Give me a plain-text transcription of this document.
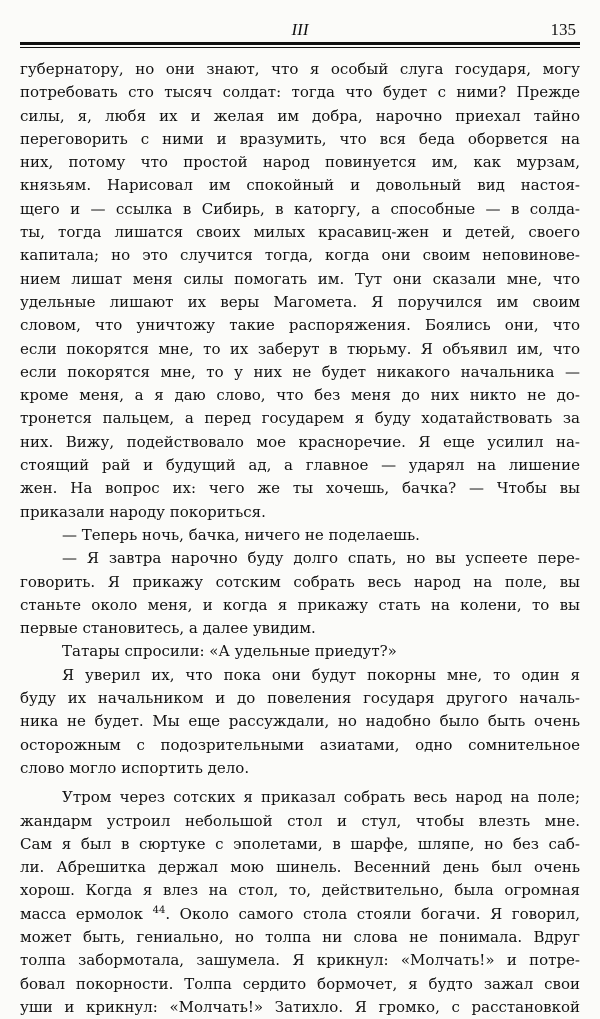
III	135
губернатору, но они знают, что я особый слуга государя, могу
потребовать сто тысяч солдат: тогда что будет с ними? Прежде
силы, я, любя их и желая им добра, нарочно приехал тайно
переговорить с ними и вразумить, что вся беда оборвется на
них, потому что простой народ повинуется им, как мурзам,
князьям. Нарисовал им спокойный и довольный вид настоя-
щего и — ссылка в Сибирь, в каторгу, а способные — в солда-
ты, тогда лишатся своих милых красавиц-жен и детей, своего
капитала; но это случится тогда, когда они своим неповинове-
нием лишат меня силы помогать им. Тут они сказали мне, что
удельные лишают их веры Магомета. Я поручился им своим
словом, что уничтожу такие распоряжения. Боялись они, что
если покорятся мне, то их заберут в тюрьму. Я объявил им, что
если покорятся мне, то у них не будет никакого начальника —
кроме меня, а я даю слово, что без меня до них никто не до-
тронется пальцем, а перед государем я буду ходатайствовать за
них. Вижу, подействовало мое красноречие. Я еще усилил на-
стоящий рай и будущий ад, а главное — ударял на лишение
жен. На вопрос их: чего же ты хочешь, бачка? — Чтобы вы
приказали народу покориться.
— Теперь ночь, бачка, ничего не поделаешь.
— Я завтра нарочно буду долго спать, но вы успеете пере-
говорить. Я прикажу сотским собрать весь народ на поле, вы
станьте около меня, и когда я прикажу стать на колени, то вы
первые становитесь, а далее увидим.
Татары спросили: «А удельные приедут?»
Я уверил их, что пока они будут покорны мне, то один я
буду их начальником и до повеления государя другого началь-
ника не будет. Мы еще рассуждали, но надобно было быть очень
осторожным с подозрительными азиатами, одно сомнительное
слово могло испортить дело.
Утром через сотских я приказал собрать весь народ на поле;
жандарм устроил небольшой стол и стул, чтобы влезть мне.
Сам я был в сюртуке с эполетами, в шарфе, шляпе, но без саб-
ли. Абрешитка держал мою шинель. Весенний день был очень
хорош. Когда я влез на стол, то, действительно, была огромная
масса ермолок $^{44}$. Около самого стола стояли богачи. Я говорил,
может быть, гениально, но толпа ни слова не понимала. Вдруг
толпа забормотала, зашумела. Я крикнул: «Молчать!» и потре-
бовал покорности. Толпа сердито бормочет, я будто зажал свои
уши и крикнул: «Молчать!» Затихло. Я громко, с расстановкой
